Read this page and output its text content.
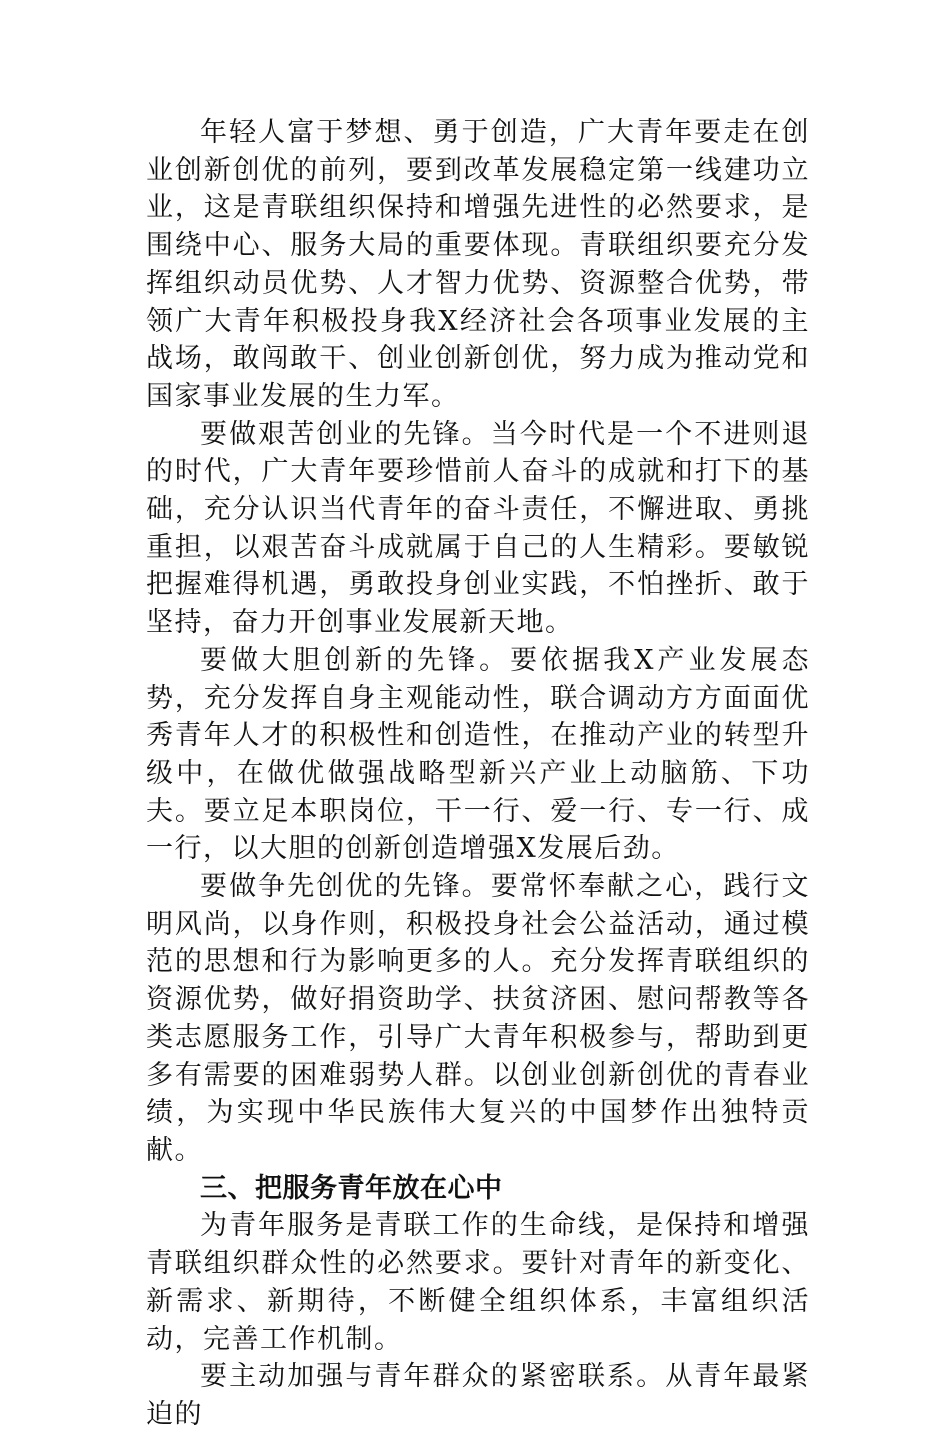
年轻人富于梦想、勇于创造，广大青年要走在创业创新创优的前列，要到改革发展稳定第一线建功立业，这是青联组织保持和增强先进性的必然要求，是围绕中心、服务大局的重要体现。青联组织要充分发挥组织动员优势、人才智力优势、资源整合优势，带领广大青年积极投身我X经济社会各项事业发展的主战场，敢闯敢干、创业创新创优，努力成为推动党和国家事业发展的生力军。

要做艰苦创业的先锋。当今时代是一个不进则退的时代，广大青年要珍惜前人奋斗的成就和打下的基础，充分认识当代青年的奋斗责任，不懈进取、勇挑重担，以艰苦奋斗成就属于自己的人生精彩。要敏锐把握难得机遇，勇敢投身创业实践，不怕挫折、敢于坚持，奋力开创事业发展新天地。

要做大胆创新的先锋。要依据我X产业发展态势，充分发挥自身主观能动性，联合调动方方面面优秀青年人才的积极性和创造性，在推动产业的转型升级中，在做优做强战略型新兴产业上动脑筋、下功夫。要立足本职岗位，干一行、爱一行、专一行、成一行，以大胆的创新创造增强X发展后劲。

要做争先创优的先锋。要常怀奉献之心，践行文明风尚，以身作则，积极投身社会公益活动，通过模范的思想和行为影响更多的人。充分发挥青联组织的资源优势，做好捐资助学、扶贫济困、慰问帮教等各类志愿服务工作，引导广大青年积极参与，帮助到更多有需要的困难弱势人群。以创业创新创优的青春业绩，为实现中华民族伟大复兴的中国梦作出独特贡献。

三、把服务青年放在心中

为青年服务是青联工作的生命线，是保持和增强青联组织群众性的必然要求。要针对青年的新变化、新需求、新期待，不断健全组织体系，丰富组织活动，完善工作机制。

要主动加强与青年群众的紧密联系。从青年最紧迫的
